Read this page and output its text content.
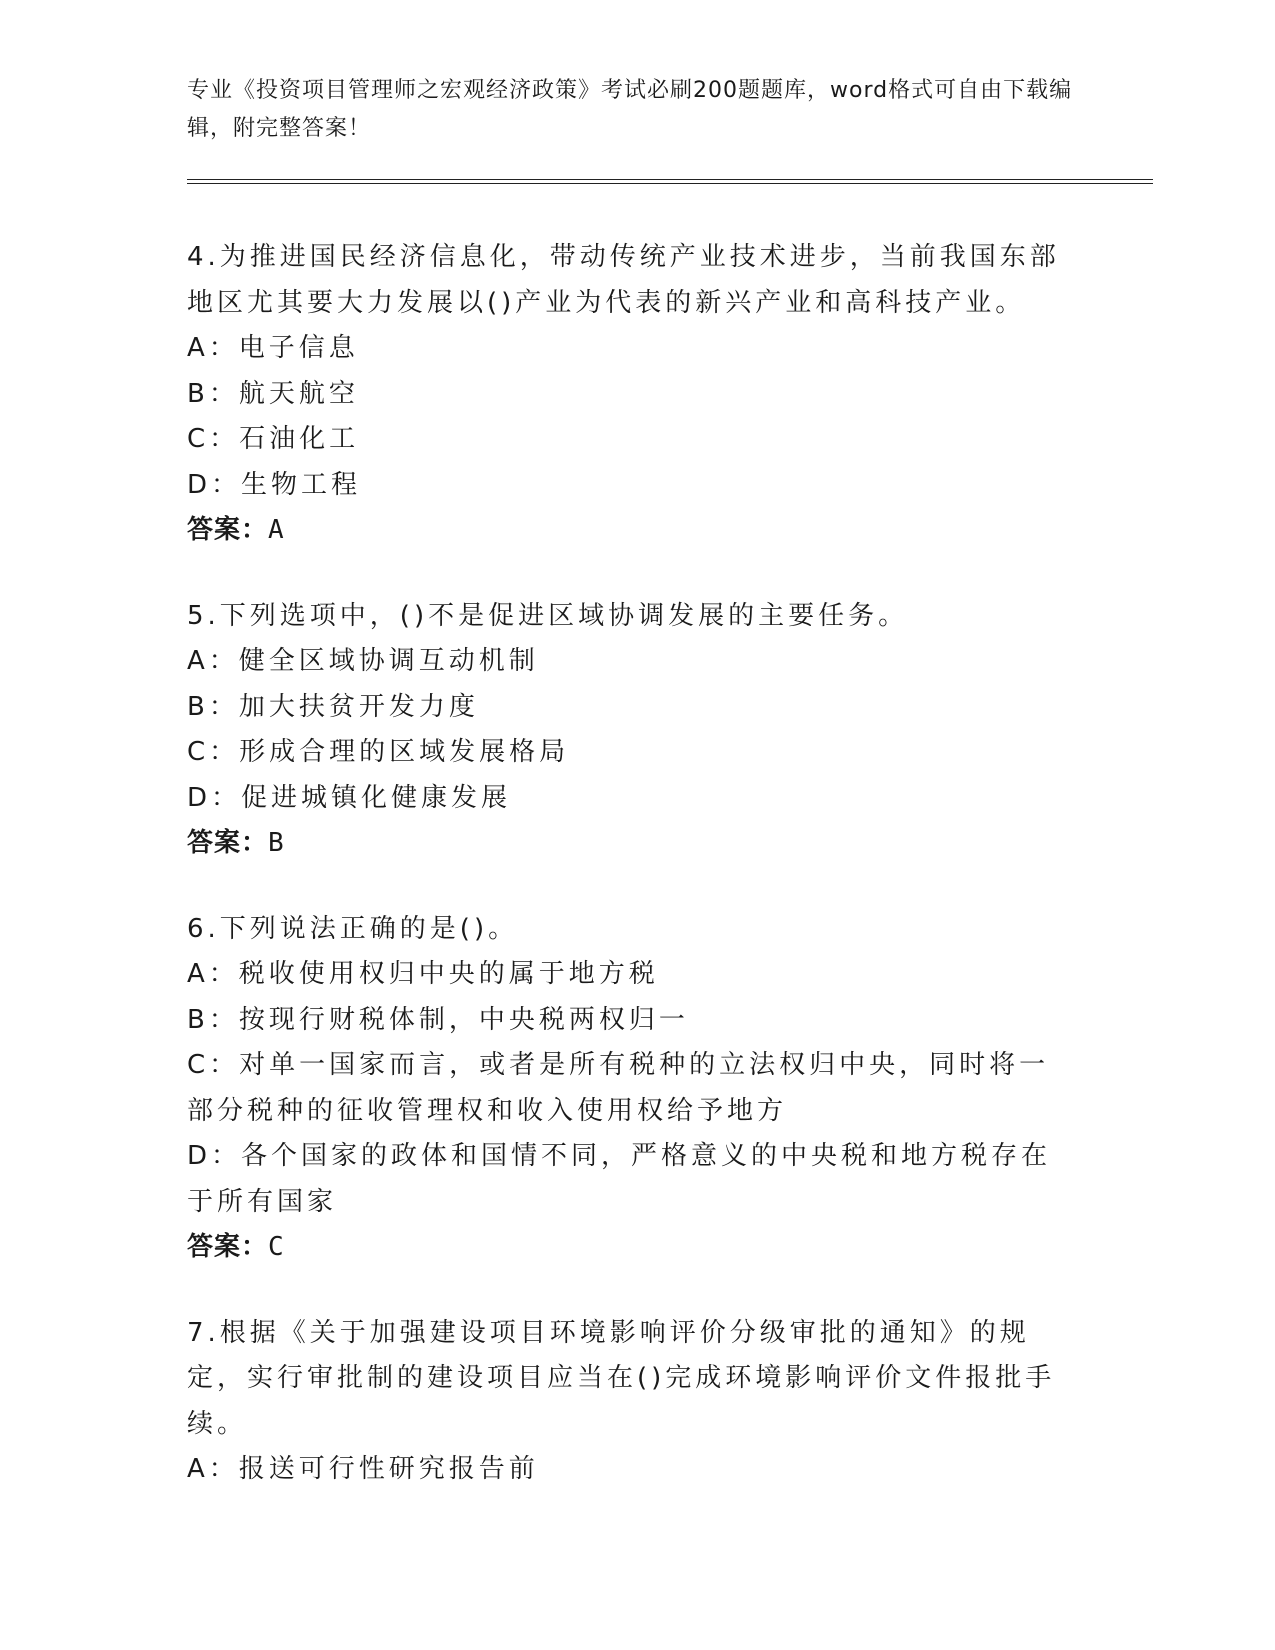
专业《投资项目管理师之宏观经济政策》考试必刷200题题库，word格式可自由下载编辑，附完整答案！
4.为推进国民经济信息化，带动传统产业技术进步，当前我国东部地区尤其要大力发展以()产业为代表的新兴产业和高科技产业。
A：电子信息
B：航天航空
C：石油化工
D：生物工程
答案：A
5.下列选项中，()不是促进区域协调发展的主要任务。
A：健全区域协调互动机制
B：加大扶贫开发力度
C：形成合理的区域发展格局
D：促进城镇化健康发展
答案：B
6.下列说法正确的是()。
A：税收使用权归中央的属于地方税
B：按现行财税体制，中央税两权归一
C：对单一国家而言，或者是所有税种的立法权归中央，同时将一部分税种的征收管理权和收入使用权给予地方
D：各个国家的政体和国情不同，严格意义的中央税和地方税存在于所有国家
答案：C
7.根据《关于加强建设项目环境影响评价分级审批的通知》的规定，实行审批制的建设项目应当在()完成环境影响评价文件报批手续。
A：报送可行性研究报告前
